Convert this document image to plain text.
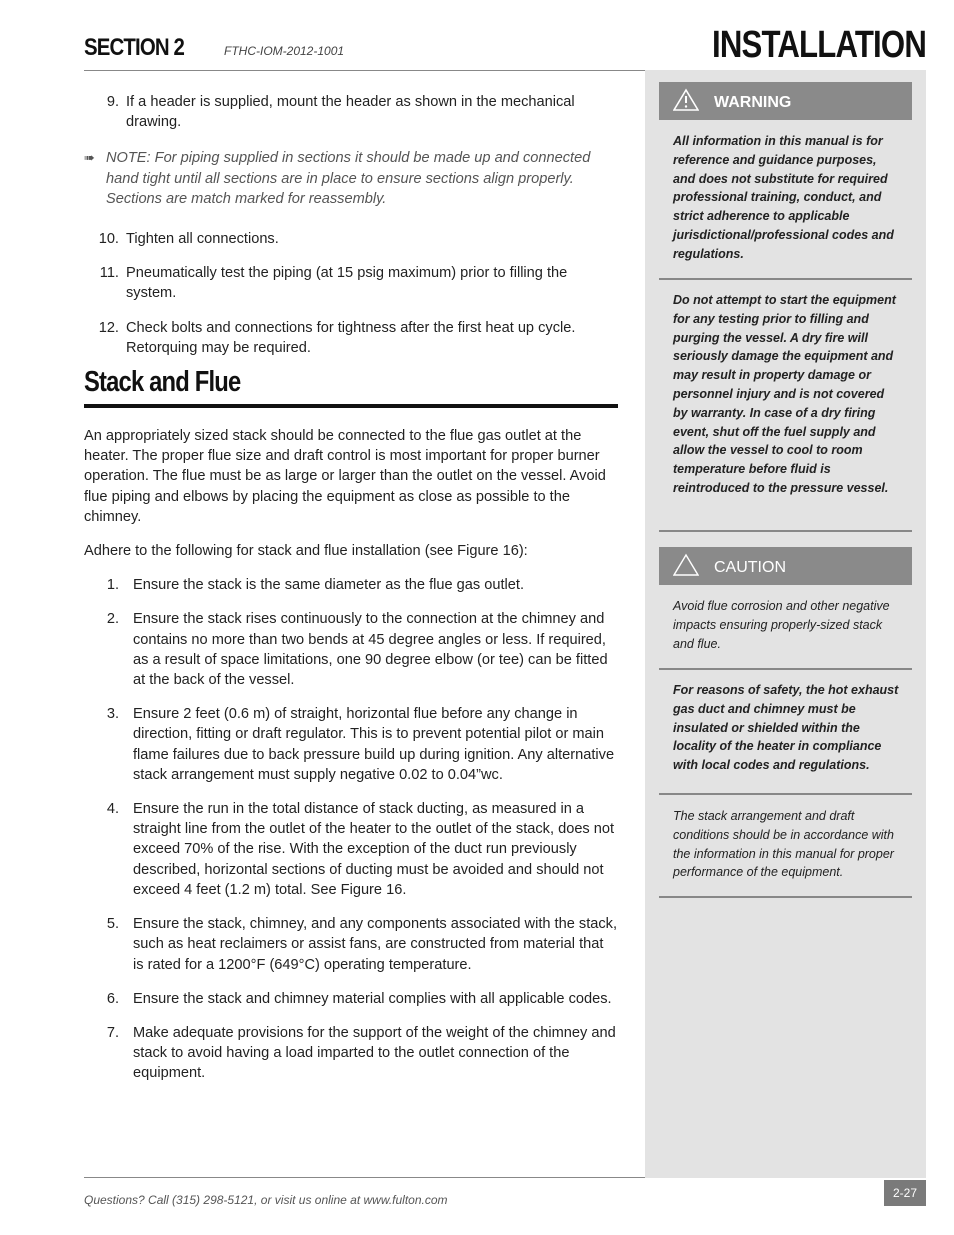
SECTION 2	FTHC-IOM-2012-1001	INSTALLATION
9. If a header is supplied, mount the header as shown in the mechanical drawing.
➠ NOTE: For piping supplied in sections it should be made up and connected hand tight until all sections are in place to ensure sections align properly. Sections are match marked for reassembly.
10. Tighten all connections.
11. Pneumatically test the piping (at 15 psig maximum) prior to filling the system.
12. Check bolts and connections for tightness after the first heat up cycle. Retorquing may be required.
Stack and Flue

An appropriately sized stack should be connected to the flue gas outlet at the heater. The proper flue size and draft control is most important for proper burner operation. The flue must be as large or larger than the outlet on the vessel. Avoid flue piping and elbows by placing the equipment as close as possible to the chimney.

Adhere to the following for stack and flue installation (see Figure 16):

1. Ensure the stack is the same diameter as the flue gas outlet.
2. Ensure the stack rises continuously to the connection at the chimney and contains no more than two bends at 45 degree angles or less. If required, as a result of space limitations, one 90 degree elbow (or tee) can be fitted at the back of the vessel.
3. Ensure 2 feet (0.6 m) of straight, horizontal flue before any change in direction, fitting or draft regulator. This is to prevent potential pilot or main flame failures due to back pressure build up during ignition. Any alternative stack arrangement must supply negative 0.02 to 0.04”wc.
4. Ensure the run in the total distance of stack ducting, as measured in a straight line from the outlet of the heater to the outlet of the stack, does not exceed 70% of the rise. With the exception of the duct run previously described, horizontal sections of ducting must be avoided and should not exceed 4 feet (1.2 m) total. See Figure 16.
5. Ensure the stack, chimney, and any components associated with the stack, such as heat reclaimers or assist fans, are constructed from material that is rated for a 1200°F (649°C) operating temperature.
6. Ensure the stack and chimney material complies with all applicable codes.
7. Make adequate provisions for the support of the weight of the chimney and stack to avoid having a load imparted to the outlet connection of the equipment.
WARNING
All information in this manual is for reference and guidance purposes, and does not substitute for required professional training, conduct, and strict adherence to applicable jurisdictional/professional codes and regulations.
Do not attempt to start the equipment for any testing prior to filling and purging the vessel. A dry fire will seriously damage the equipment and may result in property damage or personnel injury and is not covered by warranty. In case of a dry firing event, shut off the fuel supply and allow the vessel to cool to room temperature before fluid is reintroduced to the pressure vessel.
CAUTION
Avoid flue corrosion and other negative impacts ensuring properly-sized stack and flue.
For reasons of safety, the hot exhaust gas duct and chimney must be insulated or shielded within the locality of the heater in compliance with local codes and regulations.
The stack arrangement and draft conditions should be in accordance with the information in this manual for proper performance of the equipment.
Questions? Call (315) 298-5121, or visit us online at www.fulton.com	2-27
